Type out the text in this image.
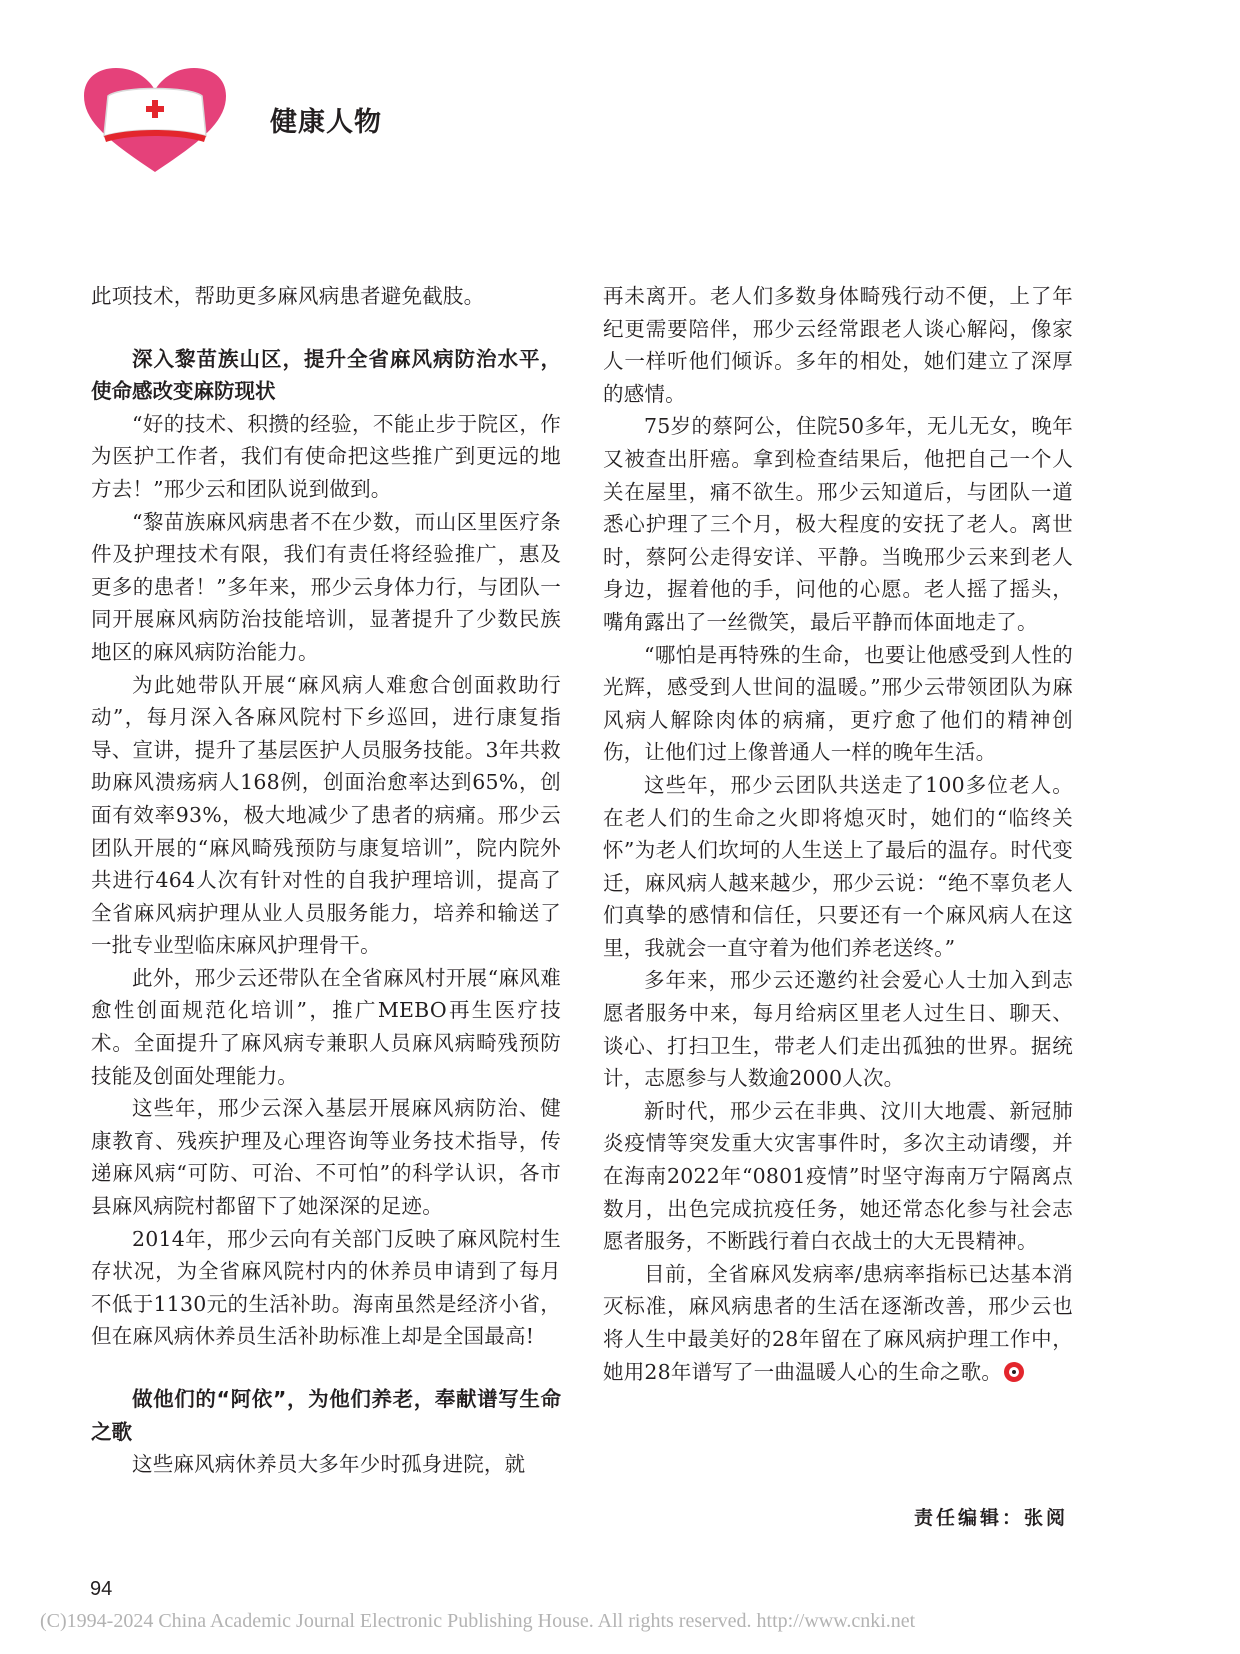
健康人物

此项技术，帮助更多麻风病患者避免截肢。

深入黎苗族山区，提升全省麻风病防治水平，使命感改变麻防现状

“好的技术、积攒的经验，不能止步于院区，作为医护工作者，我们有使命把这些推广到更远的地方去！”邢少云和团队说到做到。

“黎苗族麻风病患者不在少数，而山区里医疗条件及护理技术有限，我们有责任将经验推广，惠及更多的患者！”多年来，邢少云身体力行，与团队一同开展麻风病防治技能培训，显著提升了少数民族地区的麻风病防治能力。

为此她带队开展“麻风病人难愈合创面救助行动”，每月深入各麻风院村下乡巡回，进行康复指导、宣讲，提升了基层医护人员服务技能。3年共救助麻风溃疡病人168例，创面治愈率达到65%，创面有效率93%，极大地减少了患者的病痛。邢少云团队开展的“麻风畸残预防与康复培训”，院内院外共进行464人次有针对性的自我护理培训，提高了全省麻风病护理从业人员服务能力，培养和输送了一批专业型临床麻风护理骨干。

此外，邢少云还带队在全省麻风村开展“麻风难愈性创面规范化培训”，推广MEBO再生医疗技术。全面提升了麻风病专兼职人员麻风病畸残预防技能及创面处理能力。

这些年，邢少云深入基层开展麻风病防治、健康教育、残疾护理及心理咨询等业务技术指导，传递麻风病“可防、可治、不可怕”的科学认识，各市县麻风病院村都留下了她深深的足迹。

2014年，邢少云向有关部门反映了麻风院村生存状况，为全省麻风院村内的休养员申请到了每月不低于1130元的生活补助。海南虽然是经济小省，但在麻风病休养员生活补助标准上却是全国最高!

做他们的“阿依”，为他们养老，奉献谱写生命之歌

这些麻风病休养员大多年少时孤身进院，就

再未离开。老人们多数身体畸残行动不便，上了年纪更需要陪伴，邢少云经常跟老人谈心解闷，像家人一样听他们倾诉。多年的相处，她们建立了深厚的感情。

75岁的蔡阿公，住院50多年，无儿无女，晚年又被查出肝癌。拿到检查结果后，他把自己一个人关在屋里，痛不欲生。邢少云知道后，与团队一道悉心护理了三个月，极大程度的安抚了老人。离世时，蔡阿公走得安详、平静。当晚邢少云来到老人身边，握着他的手，问他的心愿。老人摇了摇头，嘴角露出了一丝微笑，最后平静而体面地走了。

“哪怕是再特殊的生命，也要让他感受到人性的光辉，感受到人世间的温暖。”邢少云带领团队为麻风病人解除肉体的病痛，更疗愈了他们的精神创伤，让他们过上像普通人一样的晚年生活。

这些年，邢少云团队共送走了100多位老人。在老人们的生命之火即将熄灭时，她们的“临终关怀”为老人们坎坷的人生送上了最后的温存。时代变迁，麻风病人越来越少，邢少云说：“绝不辜负老人们真挚的感情和信任，只要还有一个麻风病人在这里，我就会一直守着为他们养老送终。”

多年来，邢少云还邀约社会爱心人士加入到志愿者服务中来，每月给病区里老人过生日、聊天、谈心、打扫卫生，带老人们走出孤独的世界。据统计，志愿参与人数逾2000人次。

新时代，邢少云在非典、汶川大地震、新冠肺炎疫情等突发重大灾害事件时，多次主动请缨，并在海南2022年“0801疫情”时坚守海南万宁隔离点数月，出色完成抗疫任务，她还常态化参与社会志愿者服务，不断践行着白衣战士的大无畏精神。

目前，全省麻风发病率/患病率指标已达基本消灭标准，麻风病患者的生活在逐渐改善，邢少云也将人生中最美好的28年留在了麻风病护理工作中，她用28年谱写了一曲温暖人心的生命之歌。

责任编辑：张阅
94
(C)1994-2024 China Academic Journal Electronic Publishing House. All rights reserved. http://www.cnki.net
